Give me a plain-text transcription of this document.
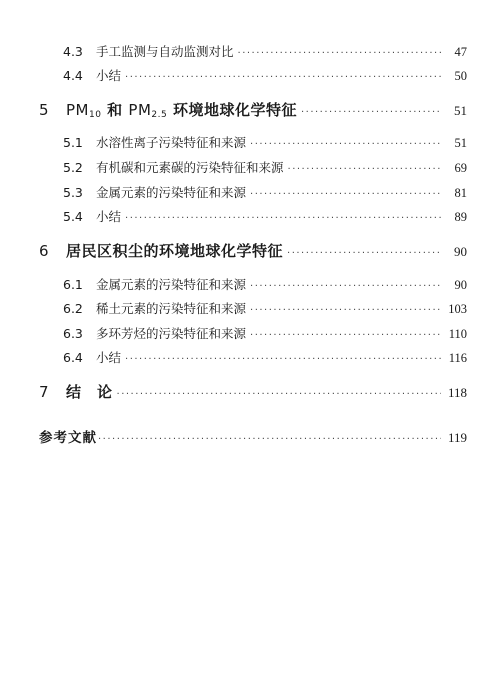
4.3	手工监测与自动监测对比 ·····	47
4.4	小结 ·····	50
5	$PM_{10}$ 和 $PM_{2.5}$ 环境地球化学特征 ·····	51
5.1	水溶性离子污染特征和来源 ·····	51
5.2	有机碳和元素碳的污染特征和来源 ·····	69
5.3	金属元素的污染特征和来源 ·····	81
5.4	小结 ·····	89
6	居民区积尘的环境地球化学特征 ·····	90
6.1	金属元素的污染特征和来源 ·····	90
6.2	稀土元素的污染特征和来源 ·····	103
6.3	多环芳烃的污染特征和来源 ·····	110
6.4	小结 ·····	116
7	结　论 ·····	118
参考文献 ·····	119
